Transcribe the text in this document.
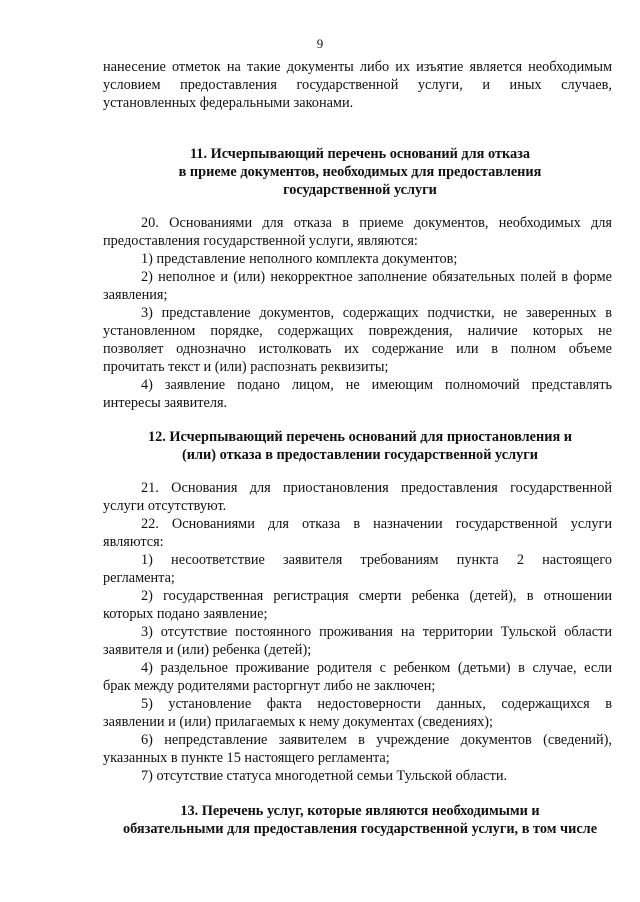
9
нанесение отметок на такие документы либо их изъятие является необходимым
условием предоставления государственной услуги, и иных случаев,
установленных федеральными законами.
11. Исчерпывающий перечень оснований для отказа
в приеме документов, необходимых для предоставления
государственной услуги
20. Основаниями для отказа в приеме документов, необходимых для
предоставления государственной услуги, являются:
1) представление неполного комплекта документов;
2) неполное и (или) некорректное заполнение обязательных полей в форме
заявления;
3) представление документов, содержащих подчистки, не заверенных в
установленном порядке, содержащих повреждения, наличие которых не
позволяет однозначно истолковать их содержание или в полном объеме
прочитать текст и (или) распознать реквизиты;
4) заявление подано лицом, не имеющим полномочий представлять
интересы заявителя.
12. Исчерпывающий перечень оснований для приостановления и
(или) отказа в предоставлении государственной услуги
21. Основания для приостановления предоставления государственной
услуги отсутствуют.
22. Основаниями для отказа в назначении государственной услуги
являются:
1) несоответствие заявителя требованиям пункта 2 настоящего
регламента;
2) государственная регистрация смерти ребенка (детей), в отношении
которых подано заявление;
3) отсутствие постоянного проживания на территории Тульской области
заявителя и (или) ребенка (детей);
4) раздельное проживание родителя с ребенком (детьми) в случае, если
брак между родителями расторгнут либо не заключен;
5) установление факта недостоверности данных, содержащихся в
заявлении и (или) прилагаемых к нему документах (сведениях);
6) непредставление заявителем в учреждение документов (сведений),
указанных в пункте 15 настоящего регламента;
7) отсутствие статуса многодетной семьи Тульской области.
13. Перечень услуг, которые являются необходимыми и
обязательными для предоставления государственной услуги, в том числе
